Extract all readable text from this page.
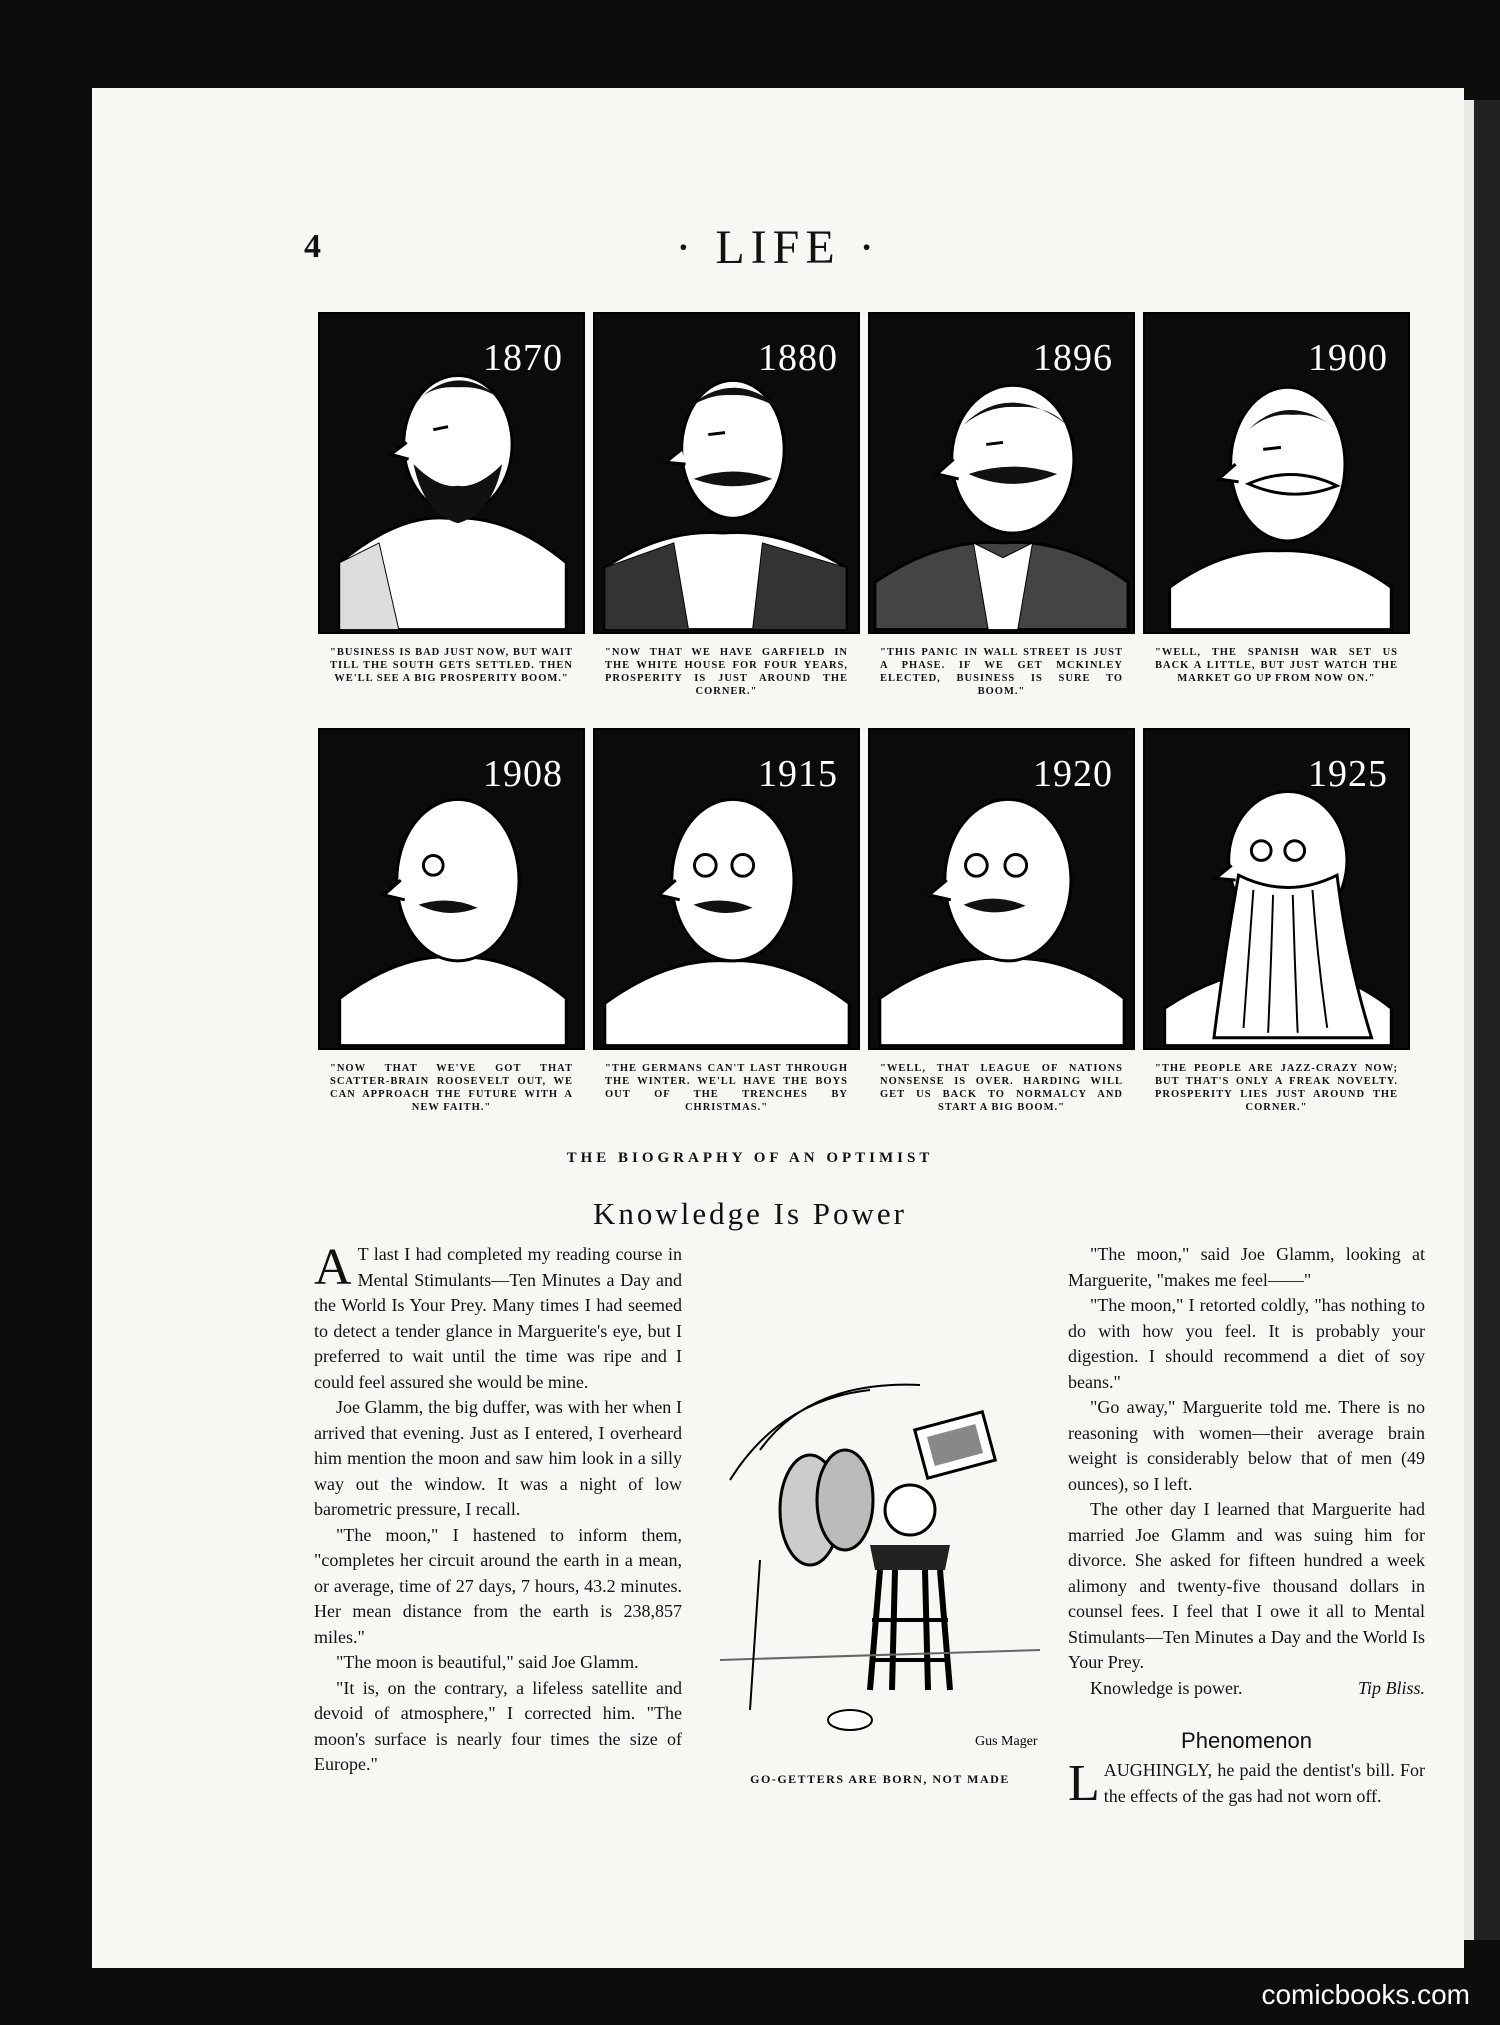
4	· LIFE ·
1870
"BUSINESS IS BAD JUST NOW, BUT WAIT TILL THE SOUTH GETS SETTLED. THEN WE'LL SEE A BIG PROSPERITY BOOM."
1880
"NOW THAT WE HAVE GARFIELD IN THE WHITE HOUSE FOR FOUR YEARS, PROSPERITY IS JUST AROUND THE CORNER."
1896
"THIS PANIC IN WALL STREET IS JUST A PHASE. IF WE GET MCKINLEY ELECTED, BUSINESS IS SURE TO BOOM."
1900
"WELL, THE SPANISH WAR SET US BACK A LITTLE, BUT JUST WATCH THE MARKET GO UP FROM NOW ON."
1908
"NOW THAT WE'VE GOT THAT SCATTER-BRAIN ROOSEVELT OUT, WE CAN APPROACH THE FUTURE WITH A NEW FAITH."
1915
"THE GERMANS CAN'T LAST THROUGH THE WINTER. WE'LL HAVE THE BOYS OUT OF THE TRENCHES BY CHRISTMAS."
1920
"WELL, THAT LEAGUE OF NATIONS NONSENSE IS OVER. HARDING WILL GET US BACK TO NORMALCY AND START A BIG BOOM."
1925
"THE PEOPLE ARE JAZZ-CRAZY NOW; BUT THAT'S ONLY A FREAK NOVELTY. PROSPERITY LIES JUST AROUND THE CORNER."
THE BIOGRAPHY OF AN OPTIMIST
Knowledge Is Power

A T last I had completed my reading course in Mental Stimulants—Ten Minutes a Day and the World Is Your Prey. Many times I had seemed to detect a tender glance in Marguerite's eye, but I preferred to wait until the time was ripe and I could feel assured she would be mine.

Joe Glamm, the big duffer, was with her when I arrived that evening. Just as I entered, I overheard him mention the moon and saw him look in a silly way out the window. It was a night of low barometric pressure, I recall.

"The moon," I hastened to inform them, "completes her circuit around the earth in a mean, or average, time of 27 days, 7 hours, 43.2 minutes. Her mean distance from the earth is 238,857 miles."

"The moon is beautiful," said Joe Glamm.

"It is, on the contrary, a lifeless satellite and devoid of atmosphere," I corrected him. "The moon's surface is nearly four times the size of Europe."

"The moon," said Joe Glamm, looking at Marguerite, "makes me feel——"

"The moon," I retorted coldly, "has nothing to do with how you feel. It is probably your digestion. I should recommend a diet of soy beans."

"Go away," Marguerite told me. There is no reasoning with women—their average brain weight is considerably below that of men (49 ounces), so I left.

The other day I learned that Marguerite had married Joe Glamm and was suing him for divorce. She asked for fifteen hundred a week alimony and twenty-five thousand dollars in counsel fees. I feel that I owe it all to Mental Stimulants—Ten Minutes a Day and the World Is Your Prey.

Knowledge is power.	Tip Bliss.

Gus Mager
GO-GETTERS ARE BORN, NOT MADE
Phenomenon
LAUGHINGLY, he paid the dentist's bill. For the effects of the gas had not worn off.
comicbooks.com
